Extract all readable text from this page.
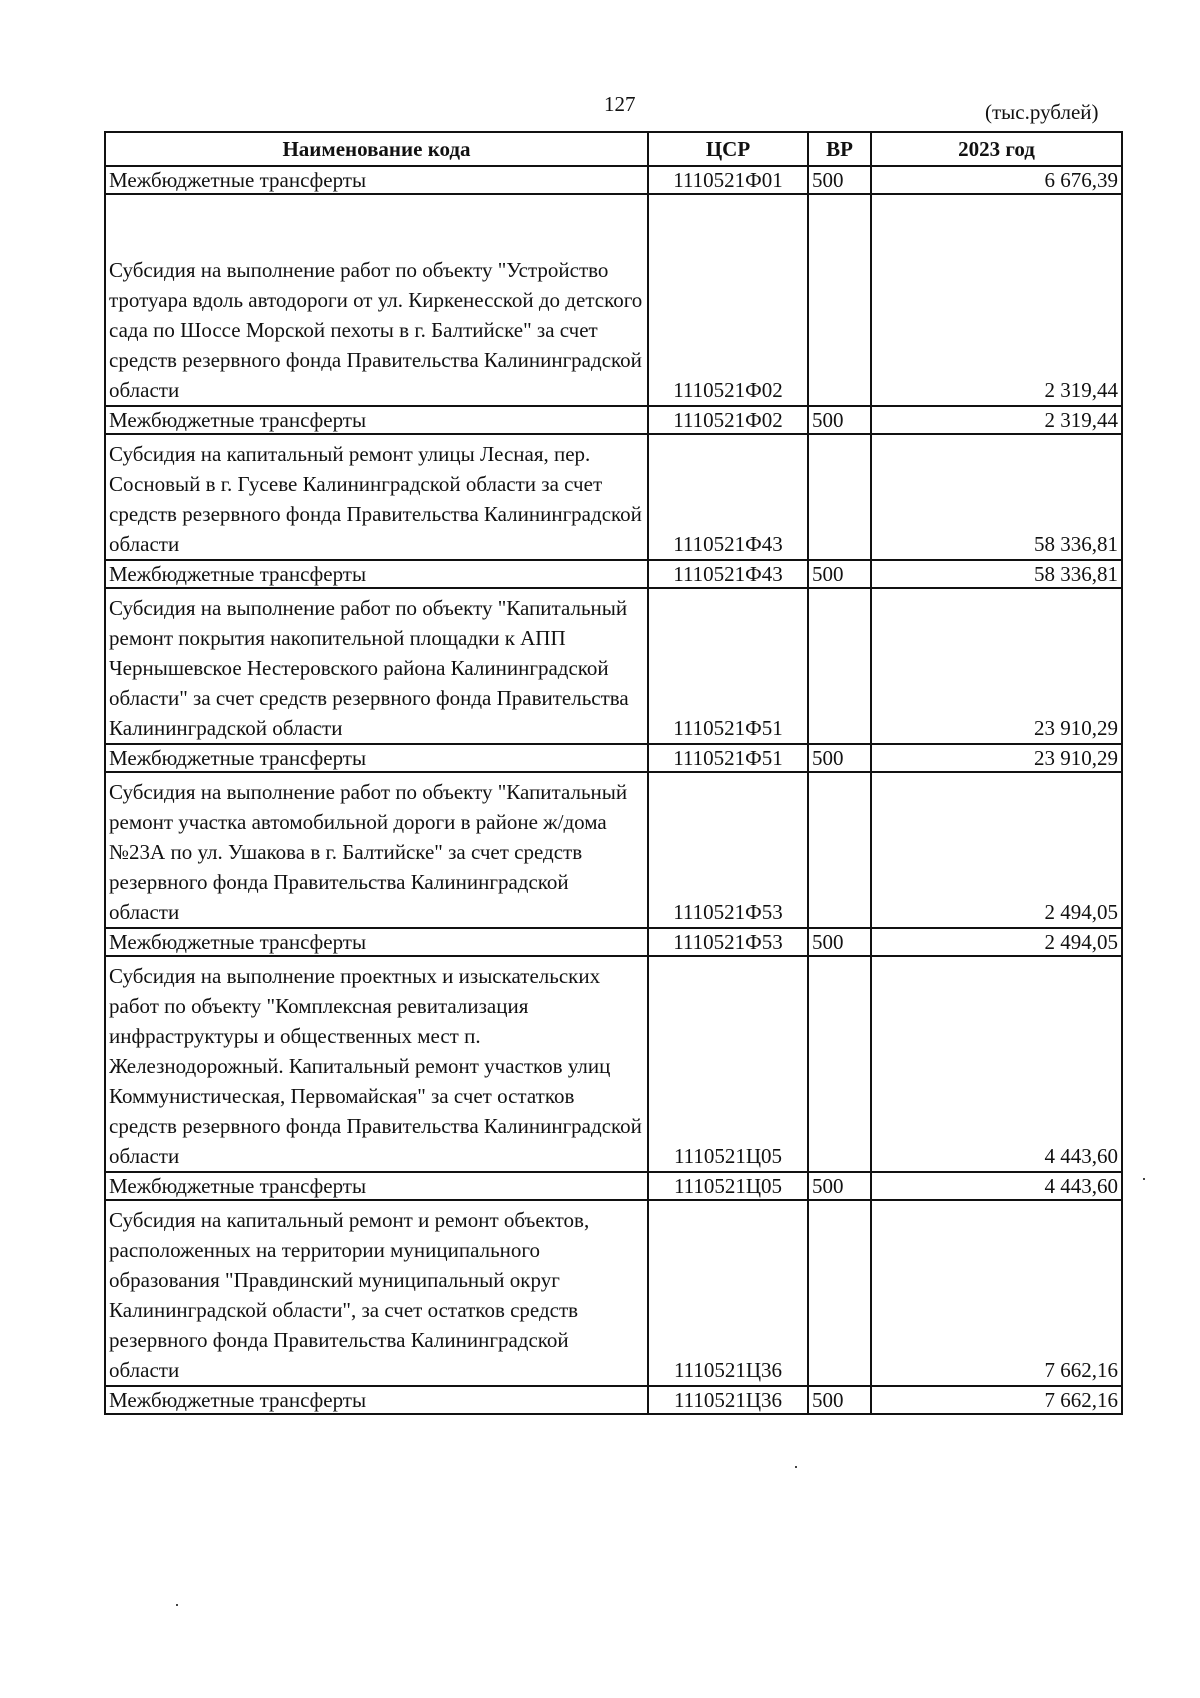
127	(тыс.рублей)
Наименование кода	ЦСР	ВР	2023 год
Межбюджетные трансферты	1110521Ф01	500	6 676,39
Субсидия на выполнение работ по объекту "Устройство тротуара вдоль автодороги от ул. Киркенесской до детского сада по Шоссе Морской пехоты в г. Балтийске" за счет средств резервного фонда Правительства Калининградской области	1110521Ф02		2 319,44
Межбюджетные трансферты	1110521Ф02	500	2 319,44
Субсидия на капитальный ремонт улицы Лесная, пер. Сосновый в г. Гусеве Калининградской области за счет средств резервного фонда Правительства Калининградской области	1110521Ф43		58 336,81
Межбюджетные трансферты	1110521Ф43	500	58 336,81
Субсидия на выполнение работ по объекту "Капитальный ремонт покрытия накопительной площадки к АПП Чернышевское Нестеровского района Калининградской области" за счет средств резервного фонда Правительства Калининградской области	1110521Ф51		23 910,29
Межбюджетные трансферты	1110521Ф51	500	23 910,29
Субсидия на выполнение работ по объекту "Капитальный ремонт участка автомобильной дороги в районе ж/дома №23А по ул. Ушакова в г. Балтийске" за счет средств резервного фонда Правительства Калининградской области	1110521Ф53		2 494,05
Межбюджетные трансферты	1110521Ф53	500	2 494,05
Субсидия на выполнение проектных и изыскательских работ по объекту "Комплексная ревитализация инфраструктуры и общественных мест п. Железнодорожный. Капитальный ремонт участков улиц Коммунистическая, Первомайская" за счет остатков средств резервного фонда Правительства Калининградской области	1110521Ц05		4 443,60
Межбюджетные трансферты	1110521Ц05	500	4 443,60
Субсидия на капитальный ремонт и ремонт объектов, расположенных на территории муниципального образования "Правдинский муниципальный округ Калининградской области", за счет остатков средств резервного фонда Правительства Калининградской области	1110521Ц36		7 662,16
Межбюджетные трансферты	1110521Ц36	500	7 662,16
